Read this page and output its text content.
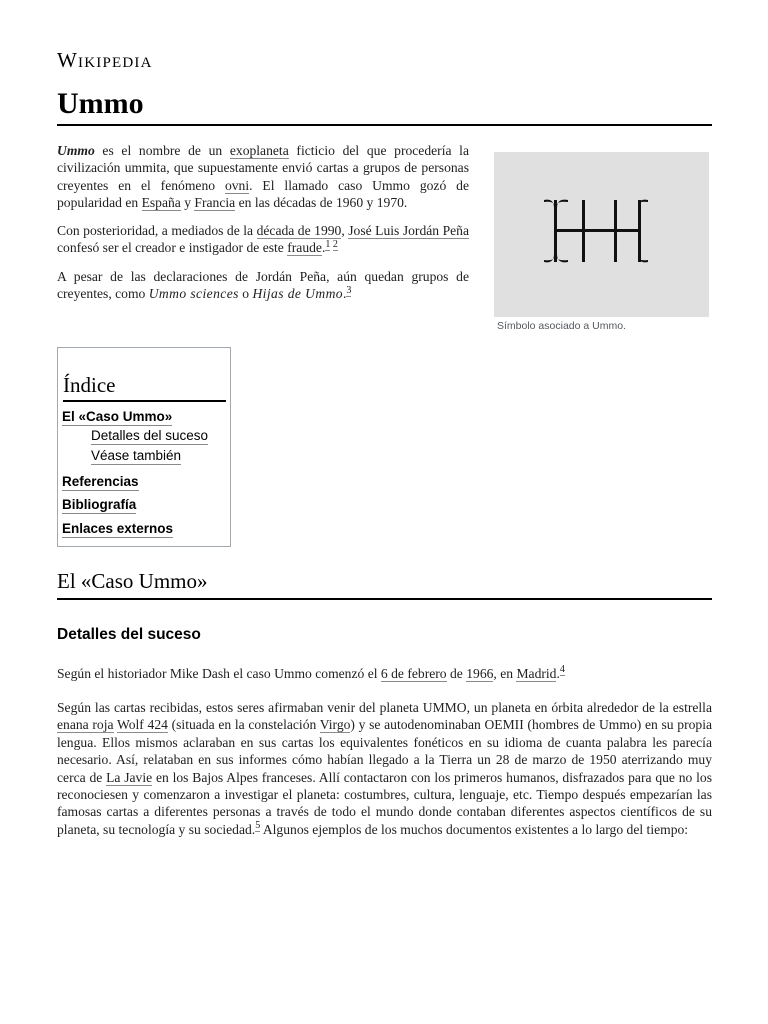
Wikipedia
Ummo

Ummo es el nombre de un exoplaneta ficticio del que procedería la civilización ummita, que supuestamente envió cartas a grupos de personas creyentes en el fenómeno ovni. El llamado caso Ummo gozó de popularidad en España y Francia en las décadas de 1960 y 1970.

Con posterioridad, a mediados de la década de 1990, José Luis Jordán Peña confesó ser el creador e instigador de este fraude.$^{1 2}$

A pesar de las declaraciones de Jordán Peña, aún quedan grupos de creyentes, como Ummo sciences o Hijas de Ummo.$^3$

Símbolo asociado a Ummo.
Índice
El «Caso Ummo»
Detalles del suceso
Véase también
Referencias
Bibliografía
Enlaces externos
El «Caso Ummo»
Detalles del suceso

Según el historiador Mike Dash el caso Ummo comenzó el 6 de febrero de 1966, en Madrid.$^4$

Según las cartas recibidas, estos seres afirmaban venir del planeta UMMO, un planeta en órbita alrededor de la estrella enana roja Wolf 424 (situada en la constelación Virgo) y se autodenominaban OEMII (hombres de Ummo) en su propia lengua. Ellos mismos aclaraban en sus cartas los equivalentes fonéticos en su idioma de cuanta palabra les parecía necesario. Así, relataban en sus informes cómo habían llegado a la Tierra un 28 de marzo de 1950 aterrizando muy cerca de La Javie en los Bajos Alpes franceses. Allí contactaron con los primeros humanos, disfrazados para que no los reconociesen y comenzaron a investigar el planeta: costumbres, cultura, lenguaje, etc. Tiempo después empezarían las famosas cartas a diferentes personas a través de todo el mundo donde contaban diferentes aspectos científicos de su planeta, su tecnología y su sociedad.$^5$ Algunos ejemplos de los muchos documentos existentes a lo largo del tiempo:
